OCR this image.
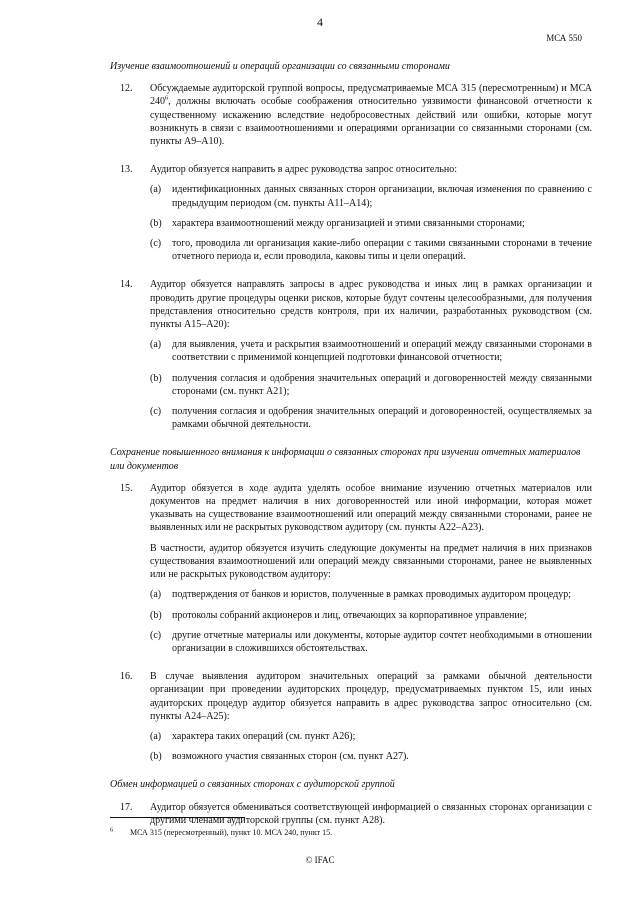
4
МСА 550
Изучение взаимоотношений и операций организации со связанными сторонами
12.	Обсуждаемые аудиторской группой вопросы, предусматриваемые МСА 315 (пересмотренным) и МСА $240^6$, должны включать особые соображения относительно уязвимости финансовой отчетности к существенному искажению вследствие недобросовестных действий или ошибки, которые могут возникнуть в связи с взаимоотношениями и операциями организации со связанными сторонами (см. пункты А9–А10).

13.	Аудитор обязуется направить в адрес руководства запрос относительно:

(a)	идентификационных данных связанных сторон организации, включая изменения по сравнению с предыдущим периодом (см. пункты А11–А14);
(b)	характера взаимоотношений между организацией и этими связанными сторонами;
(c)	того, проводила ли организация какие-либо операции с такими связанными сторонами в течение отчетного периода и, если проводила, каковы типы и цели операций.
14.	Аудитор обязуется направлять запросы в адрес руководства и иных лиц в рамках организации и проводить другие процедуры оценки рисков, которые будут сочтены целесообразными, для получения представления относительно средств контроля, при их наличии, разработанных руководством (см. пункты А15–А20):

(a)	для выявления, учета и раскрытия взаимоотношений и операций между связанными сторонами в соответствии с применимой концепцией подготовки финансовой отчетности;
(b)	получения согласия и одобрения значительных операций и договоренностей между связанными сторонами (см. пункт А21);
(c)	получения согласия и одобрения значительных операций и договоренностей, осуществляемых за рамками обычной деятельности.
Сохранение повышенного внимания к информации о связанных сторонах при изучении отчетных материалов или документов
15.	Аудитор обязуется в ходе аудита уделять особое внимание изучению отчетных материалов или документов на предмет наличия в них договоренностей или иной информации, которая может указывать на существование взаимоотношений или операций между связанными сторонами, ранее не выявленных или не раскрытых руководством аудитору (см. пункты А22–А23).

В частности, аудитор обязуется изучить следующие документы на предмет наличия в них признаков существования взаимоотношений или операций между связанными сторонами, ранее не выявленных или не раскрытых руководством аудитору:

(a)	подтверждения от банков и юристов, полученные в рамках проводимых аудитором процедур;
(b)	протоколы собраний акционеров и лиц, отвечающих за корпоративное управление;
(c)	другие отчетные материалы или документы, которые аудитор сочтет необходимыми в отношении организации в сложившихся обстоятельствах.
16.	В случае выявления аудитором значительных операций за рамками обычной деятельности организации при проведении аудиторских процедур, предусматриваемых пунктом 15, или иных аудиторских процедур аудитор обязуется направить в адрес руководства запрос относительно (см. пункты А24–А25):

(a)	характера таких операций (см. пункт А26);
(b)	возможного участия связанных сторон (см. пункт А27).
Обмен информацией о связанных сторонах с аудиторской группой
17.	Аудитор обязуется обмениваться соответствующей информацией о связанных сторонах организации с другими членами аудиторской группы (см. пункт А28).

$^6$	МСА 315 (пересмотренный), пункт 10. МСА 240, пункт 15.
© IFAC
